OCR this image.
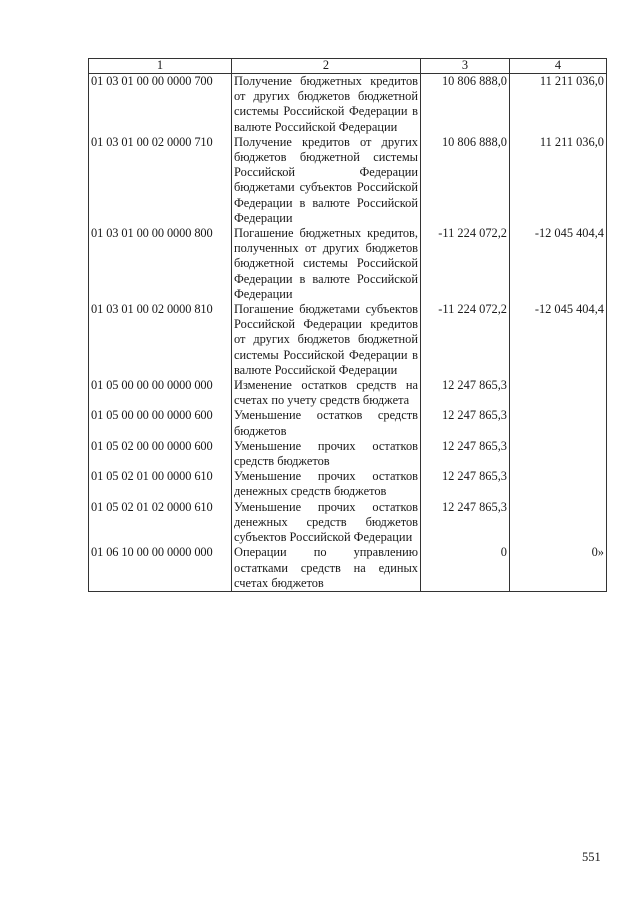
1	2	3	4
01 03 01 00 00 0000 700	Получение бюджетных кредитов от других бюджетов бюджетной системы Российской Федерации в валюте Российской Федерации	10 806 888,0	11 211 036,0
01 03 01 00 02 0000 710	Получение кредитов от других бюджетов бюджетной системы Российской Федерации бюджетами субъектов Российской Федерации в валюте Российской Федерации	10 806 888,0	11 211 036,0
01 03 01 00 00 0000 800	Погашение бюджетных кредитов, полученных от других бюджетов бюджетной системы Российской Федерации в валюте Российской Федерации	-11 224 072,2	-12 045 404,4
01 03 01 00 02 0000 810	Погашение бюджетами субъектов Российской Федерации кредитов от других бюджетов бюджетной системы Российской Федерации в валюте Российской Федерации	-11 224 072,2	-12 045 404,4
01 05 00 00 00 0000 000	Изменение остатков средств на счетах по учету средств бюджета	12 247 865,3	
01 05 00 00 00 0000 600	Уменьшение остатков средств бюджетов	12 247 865,3	
01 05 02 00 00 0000 600	Уменьшение прочих остатков средств бюджетов	12 247 865,3	
01 05 02 01 00 0000 610	Уменьшение прочих остатков денежных средств бюджетов	12 247 865,3	
01 05 02 01 02 0000 610	Уменьшение прочих остатков денежных средств бюджетов субъектов Российской Федерации	12 247 865,3	
01 06 10 00 00 0000 000	Операции по управлению остатками средств на единых счетах бюджетов	0	0»
551
